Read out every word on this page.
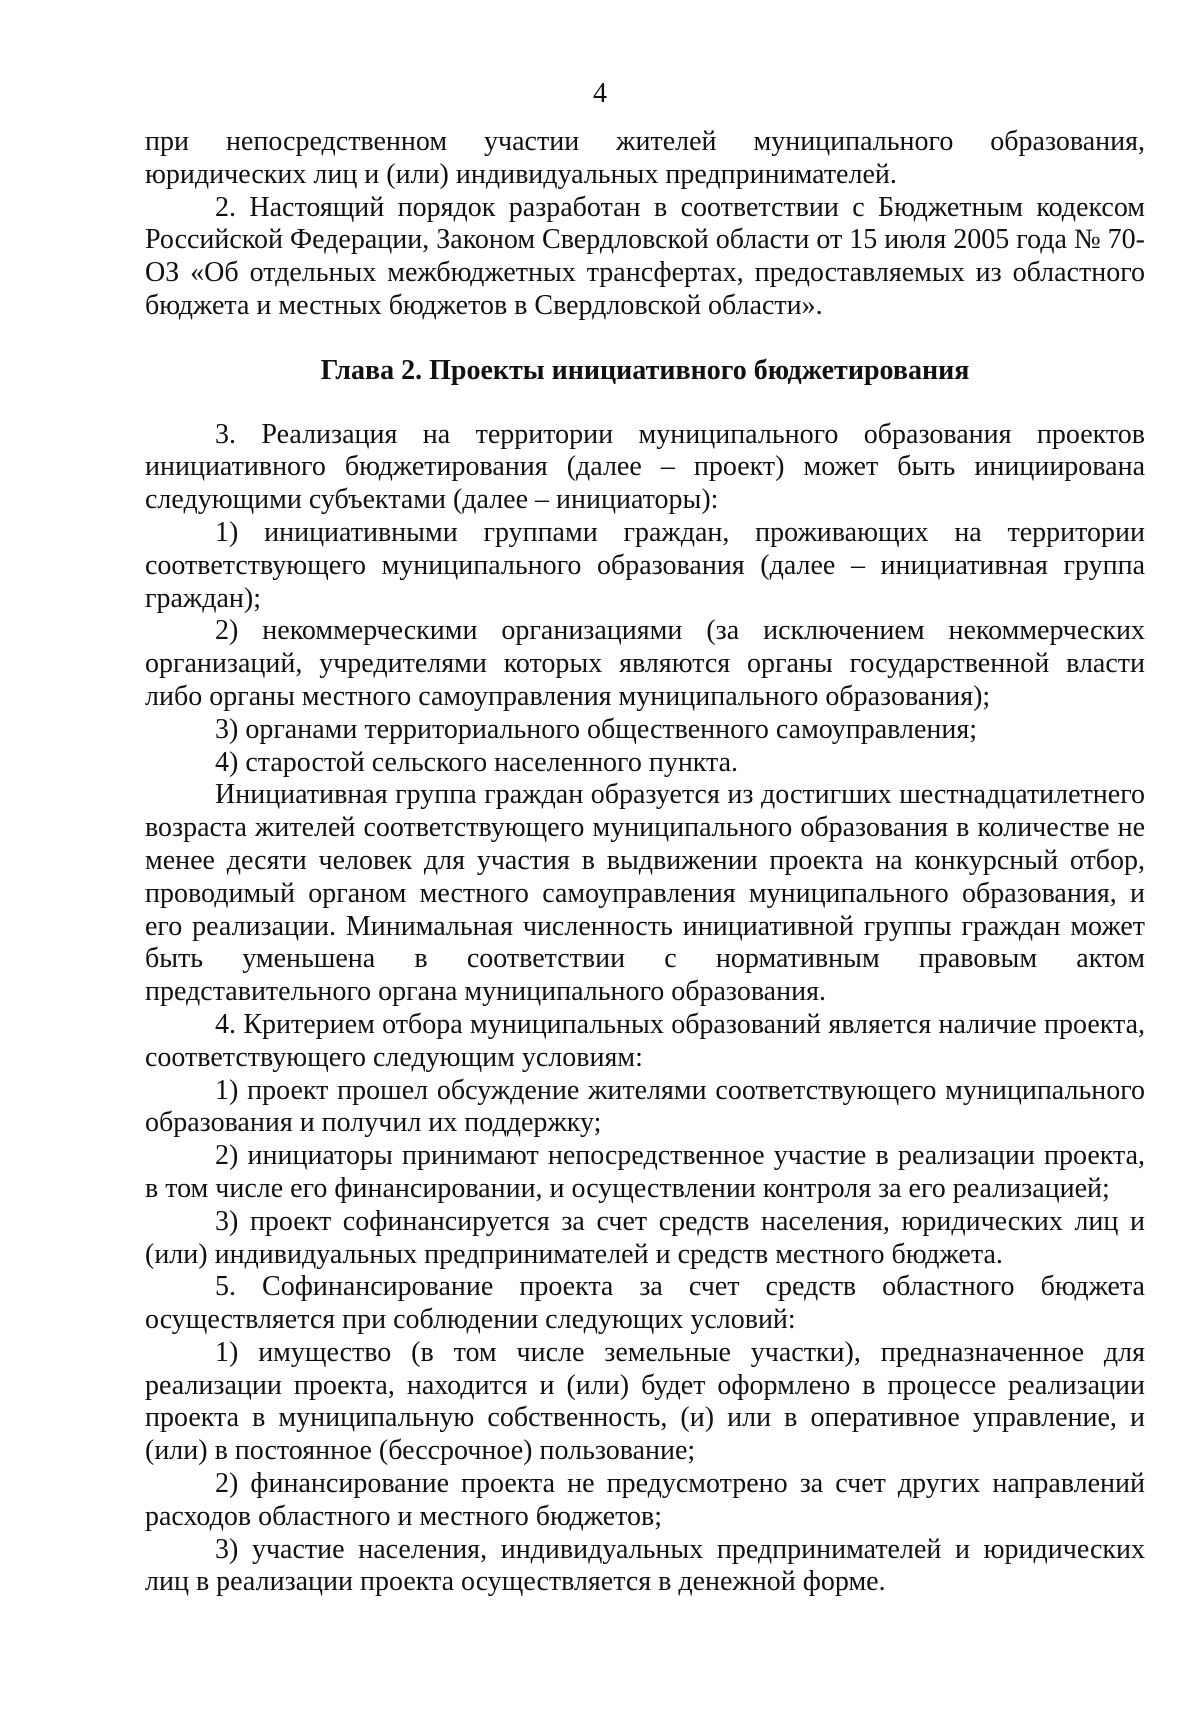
4

при непосредственном участии жителей муниципального образования, юридических лиц и (или) индивидуальных предпринимателей.

2. Настоящий порядок разработан в соответствии с Бюджетным кодексом Российской Федерации, Законом Свердловской области от 15 июля 2005 года № 70-ОЗ «Об отдельных межбюджетных трансфертах, предоставляемых из областного бюджета и местных бюджетов в Свердловской области».

Глава 2. Проекты инициативного бюджетирования

3. Реализация на территории муниципального образования проектов инициативного бюджетирования (далее – проект) может быть инициирована следующими субъектами (далее – инициаторы):

1) инициативными группами граждан, проживающих на территории соответствующего муниципального образования (далее – инициативная группа граждан);

2) некоммерческими организациями (за исключением некоммерческих организаций, учредителями которых являются органы государственной власти либо органы местного самоуправления муниципального образования);

3) органами территориального общественного самоуправления;

4) старостой сельского населенного пункта.

Инициативная группа граждан образуется из достигших шестнадцатилетнего возраста жителей соответствующего муниципального образования в количестве не менее десяти человек для участия в выдвижении проекта на конкурсный отбор, проводимый органом местного самоуправления муниципального образования, и его реализации. Минимальная численность инициативной группы граждан может быть уменьшена в соответствии с нормативным правовым актом представительного органа муниципального образования.

4. Критерием отбора муниципальных образований является наличие проекта, соответствующего следующим условиям:

1) проект прошел обсуждение жителями соответствующего муниципального образования и получил их поддержку;

2) инициаторы принимают непосредственное участие в реализации проекта, в том числе его финансировании, и осуществлении контроля за его реализацией;

3) проект софинансируется за счет средств населения, юридических лиц и (или) индивидуальных предпринимателей и средств местного бюджета.

5. Софинансирование проекта за счет средств областного бюджета осуществляется при соблюдении следующих условий:

1) имущество (в том числе земельные участки), предназначенное для реализации проекта, находится и (или) будет оформлено в процессе реализации проекта в муниципальную собственность, (и) или в оперативное управление, и (или) в постоянное (бессрочное) пользование;

2) финансирование проекта не предусмотрено за счет других направлений расходов областного и местного бюджетов;

3) участие населения, индивидуальных предпринимателей и юридических лиц в реализации проекта осуществляется в денежной форме.
